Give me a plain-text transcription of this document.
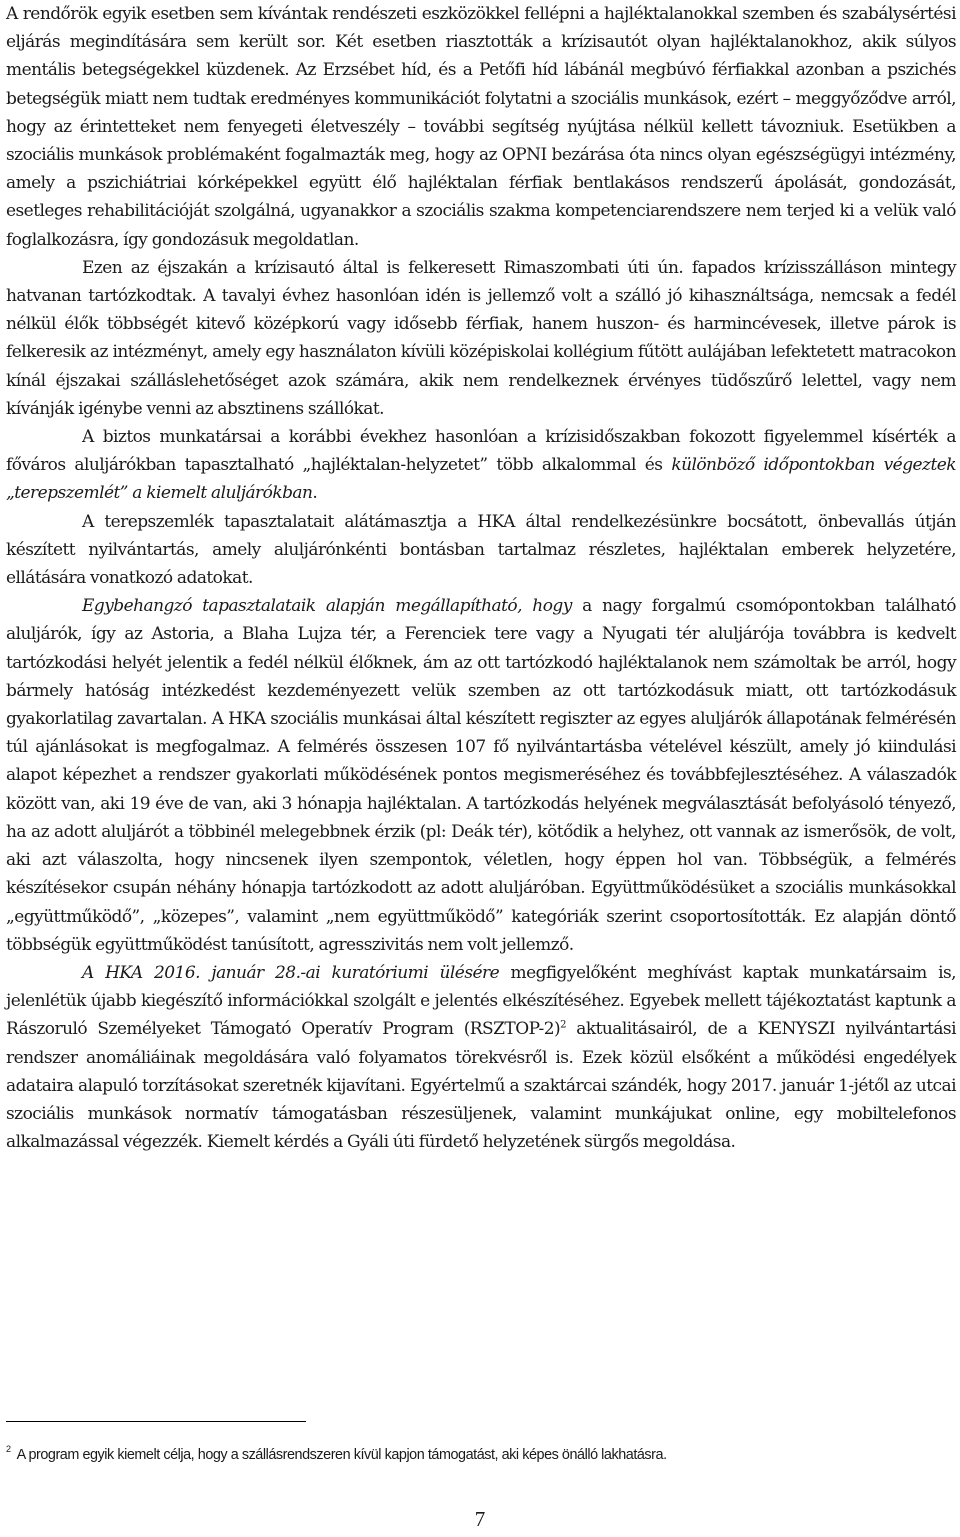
A rendőrök egyik esetben sem kívántak rendészeti eszközökkel fellépni a hajléktalanokkal szemben és szabálysértési eljárás megindítására sem került sor. Két esetben riasztották a krízisautót olyan hajléktalanokhoz, akik súlyos mentális betegségekkel küzdenek. Az Erzsébet híd, és a Petőfi híd lábánál megbúvó férfiakkal azonban a pszichés betegségük miatt nem tudtak eredményes kommunikációt folytatni a szociális munkások, ezért – meggyőződve arról, hogy az érintetteket nem fenyegeti életveszély – további segítség nyújtása nélkül kellett távozniuk. Esetükben a szociális munkások problémaként fogalmazták meg, hogy az OPNI bezárása óta nincs olyan egészségügyi intézmény, amely a pszichiátriai kórképekkel együtt élő hajléktalan férfiak bentlakásos rendszerű ápolását, gondozását, esetleges rehabilitációját szolgálná, ugyanakkor a szociális szakma kompetenciarendszere nem terjed ki a velük való foglalkozásra, így gondozásuk megoldatlan.

Ezen az éjszakán a krízisautó által is felkeresett Rimaszombati úti ún. fapados krízisszálláson mintegy hatvanan tartózkodtak. A tavalyi évhez hasonlóan idén is jellemző volt a szálló jó kihasználtsága, nemcsak a fedél nélkül élők többségét kitevő középkorú vagy idősebb férfiak, hanem huszon- és harmincévesek, illetve párok is felkeresik az intézményt, amely egy használaton kívüli középiskolai kollégium fűtött aulájában lefektetett matracokon kínál éjszakai szálláslehetőséget azok számára, akik nem rendelkeznek érvényes tüdőszűrő lelettel, vagy nem kívánják igénybe venni az absztinens szállókat.

A biztos munkatársai a korábbi évekhez hasonlóan a krízisidőszakban fokozott figyelemmel kísérték a főváros aluljárókban tapasztalható „hajléktalan-helyzetet” több alkalommal és különböző időpontokban végeztek „terepszemlét” a kiemelt aluljárókban.

A terepszemlék tapasztalatait alátámasztja a HKA által rendelkezésünkre bocsátott, önbevallás útján készített nyilvántartás, amely aluljárónkénti bontásban tartalmaz részletes, hajléktalan emberek helyzetére, ellátására vonatkozó adatokat.

Egybehangzó tapasztalataik alapján megállapítható, hogy a nagy forgalmú csomópontokban található aluljárók, így az Astoria, a Blaha Lujza tér, a Ferenciek tere vagy a Nyugati tér aluljárója továbbra is kedvelt tartózkodási helyét jelentik a fedél nélkül élőknek, ám az ott tartózkodó hajléktalanok nem számoltak be arról, hogy bármely hatóság intézkedést kezdeményezett velük szemben az ott tartózkodásuk miatt, ott tartózkodásuk gyakorlatilag zavartalan. A HKA szociális munkásai által készített regiszter az egyes aluljárók állapotának felmérésén túl ajánlásokat is megfogalmaz. A felmérés összesen 107 fő nyilvántartásba vételével készült, amely jó kiindulási alapot képezhet a rendszer gyakorlati működésének pontos megismeréséhez és továbbfejlesztéséhez. A válaszadók között van, aki 19 éve de van, aki 3 hónapja hajléktalan. A tartózkodás helyének megválasztását befolyásoló tényező, ha az adott aluljárót a többinél melegebbnek érzik (pl: Deák tér), kötődik a helyhez, ott vannak az ismerősök, de volt, aki azt válaszolta, hogy nincsenek ilyen szempontok, véletlen, hogy éppen hol van. Többségük, a felmérés készítésekor csupán néhány hónapja tartózkodott az adott aluljáróban. Együttműködésüket a szociális munkásokkal „együttműködő”, „közepes”, valamint „nem együttműködő” kategóriák szerint csoportosították. Ez alapján döntő többségük együttműködést tanúsított, agresszivitás nem volt jellemző.

A HKA 2016. január 28.-ai kuratóriumi ülésére megfigyelőként meghívást kaptak munkatársaim is, jelenlétük újabb kiegészítő információkkal szolgált e jelentés elkészítéséhez. Egyebek mellett tájékoztatást kaptunk a Rászoruló Személyeket Támogató Operatív Program (RSZTOP-2)$^2$ aktualitásairól, de a KENYSZI nyilvántartási rendszer anomáliáinak megoldására való folyamatos törekvésről is. Ezek közül elsőként a működési engedélyek adataira alapuló torzításokat szeretnék kijavítani. Egyértelmű a szaktárcai szándék, hogy 2017. január 1-jétől az utcai szociális munkások normatív támogatásban részesüljenek, valamint munkájukat online, egy mobiltelefonos alkalmazással végezzék. Kiemelt kérdés a Gyáli úti fürdető helyzetének sürgős megoldása.

$^2$ A program egyik kiemelt célja, hogy a szállásrendszeren kívül kapjon támogatást, aki képes önálló lakhatásra.
7
